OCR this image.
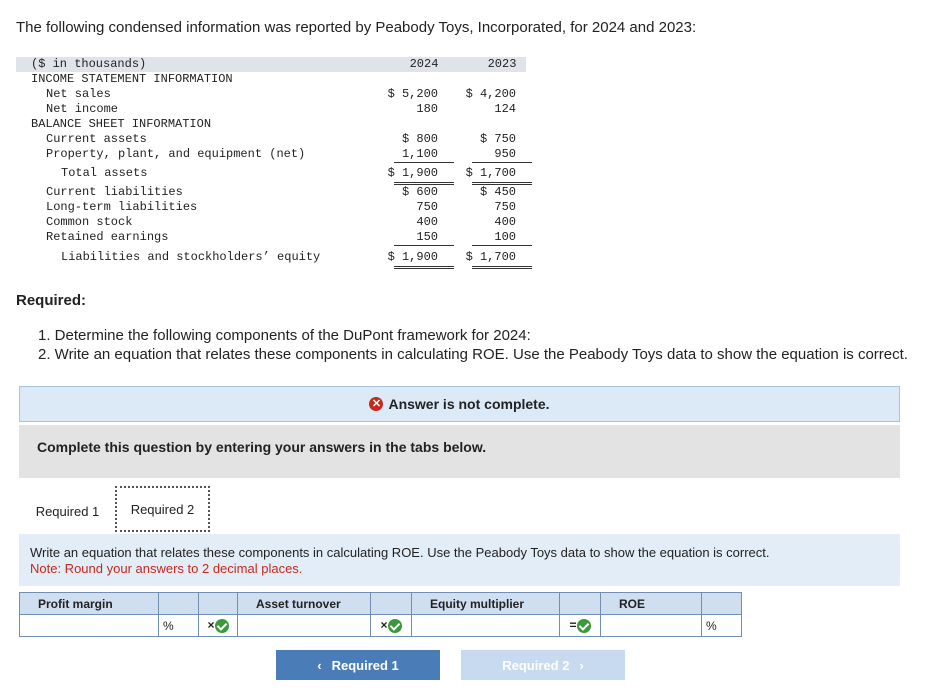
The following condensed information was reported by Peabody Toys, Incorporated, for 2024 and 2023:
($ in thousands)	2024	2023
INCOME STATEMENT INFORMATION
Net sales	$ 5,200 $ 4,200
Net income	180	124
BALANCE SHEET INFORMATION
Current assets	$ 800	$ 750
Property, plant, and equipment (net)	1,100	950
Total assets	$ 1,900 $ 1,700
Current liabilities	$ 600	$ 450
Long-term liabilities	750	750
Common stock	400	400
Retained earnings	150	100
Liabilities and stockholders’ equity	$ 1,900 $ 1,700
Required:
1. Determine the following components of the DuPont framework for 2024:
2. Write an equation that relates these components in calculating ROE. Use the Peabody Toys data to show the equation is correct.
✕ Answer is not complete.
Complete this question by entering your answers in the tabs below.
Required 1	Required 2
Write an equation that relates these components in calculating ROE. Use the Peabody Toys data to show the equation is correct.
Note: Round your answers to 2 decimal places.
Profit margin			Asset turnover		Equity multiplier		ROE	
	%	×		×		=		%
‹ Required 1	Required 2 ›
